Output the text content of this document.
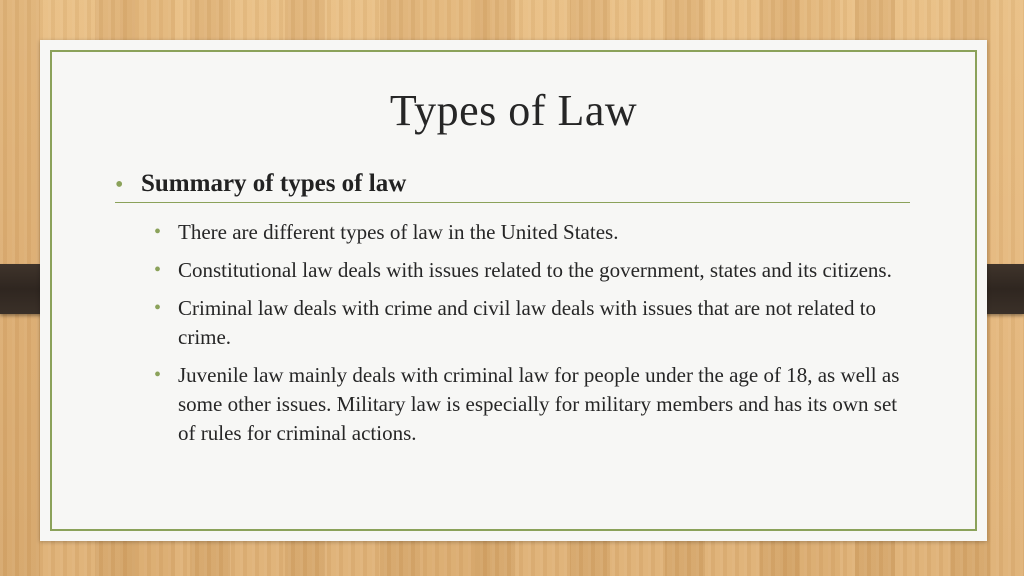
Types of Law
• Summary of types of law
• There are different types of law in the United States.
• Constitutional law deals with issues related to the government, states and its citizens.
• Criminal law deals with crime and civil law deals with issues that are not related to crime.
• Juvenile law mainly deals with criminal law for people under the age of 18, as well as some other issues. Military law is especially for military members and has its own set of rules for criminal actions.
